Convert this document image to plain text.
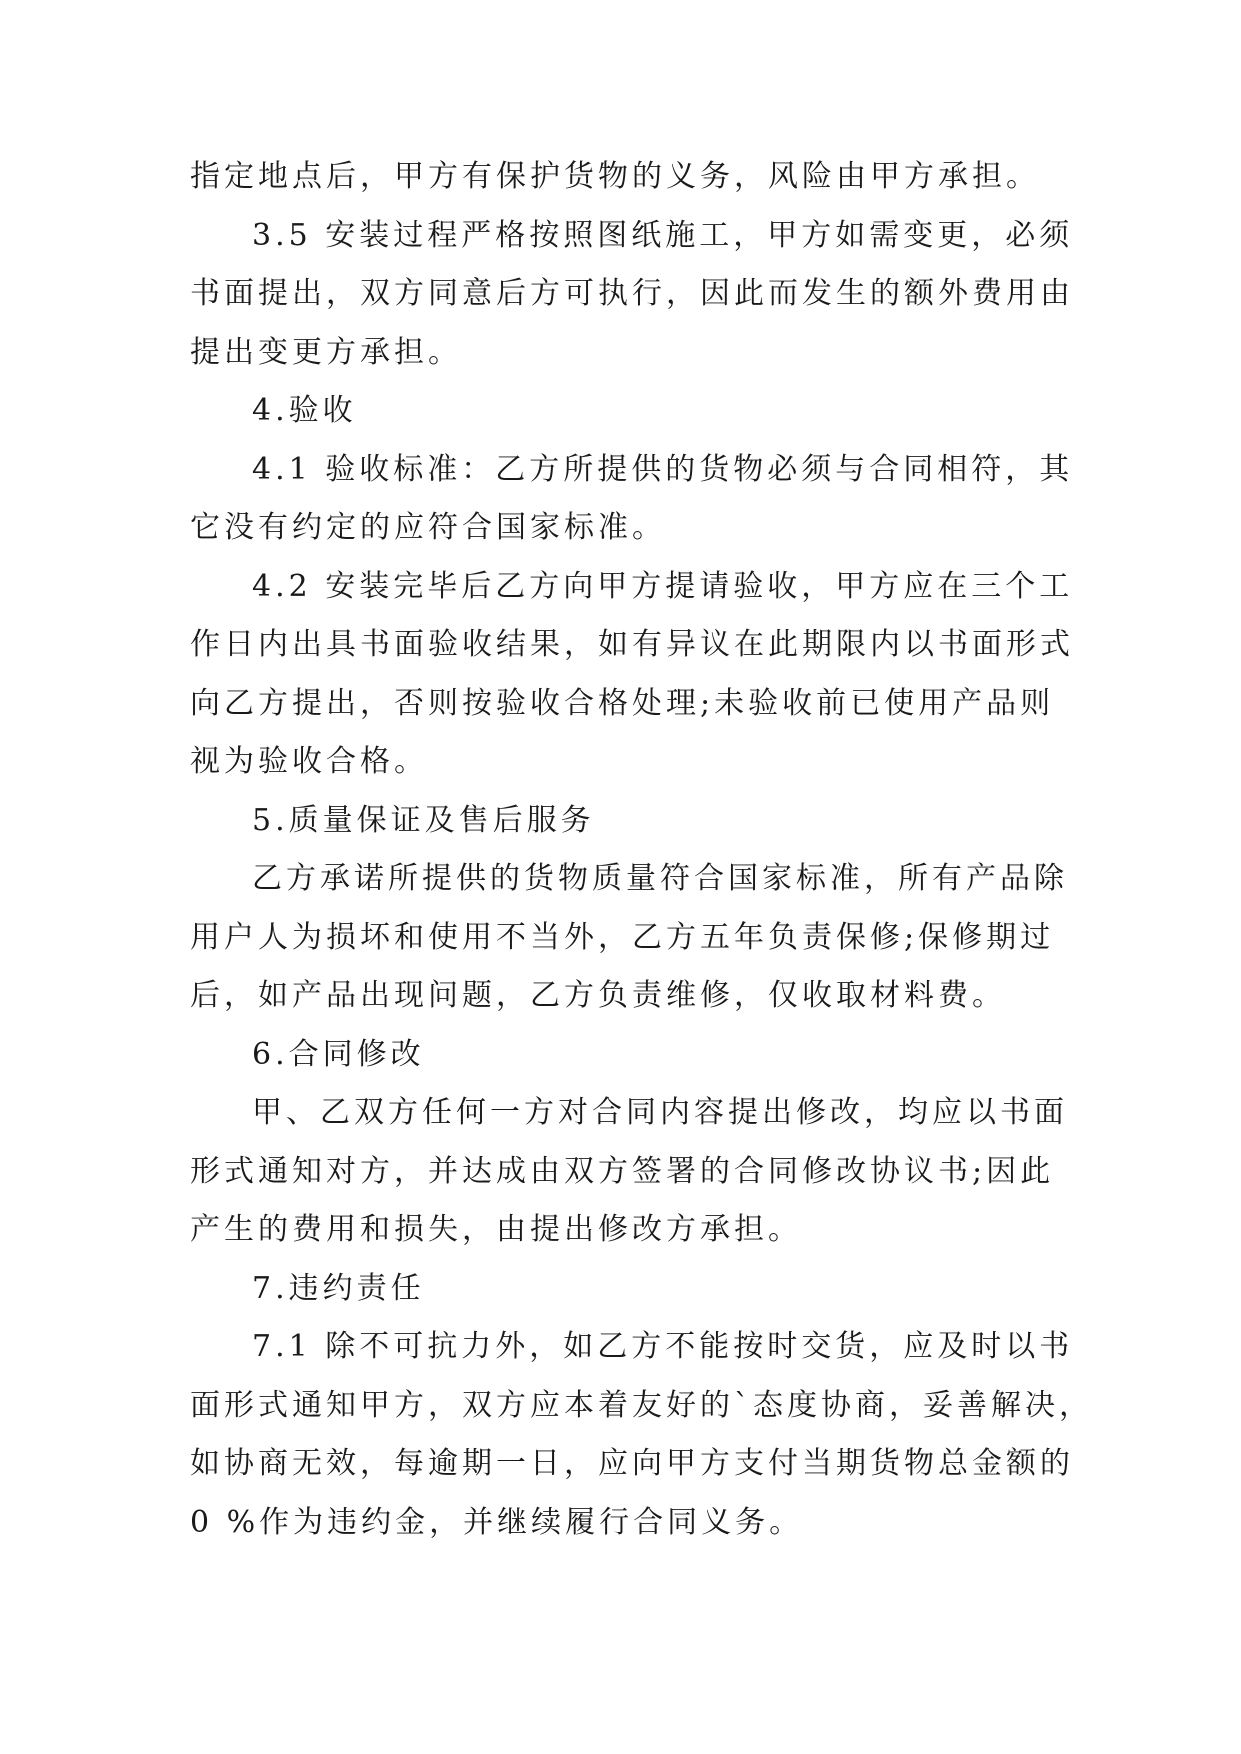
指定地点后，甲方有保护货物的义务，风险由甲方承担。
3.5 安装过程严格按照图纸施工，甲方如需变更，必须
书面提出，双方同意后方可执行，因此而发生的额外费用由
提出变更方承担。
4.验收
4.1 验收标准：乙方所提供的货物必须与合同相符，其
它没有约定的应符合国家标准。
4.2 安装完毕后乙方向甲方提请验收，甲方应在三个工
作日内出具书面验收结果，如有异议在此期限内以书面形式
向乙方提出，否则按验收合格处理;未验收前已使用产品则
视为验收合格。
5.质量保证及售后服务
乙方承诺所提供的货物质量符合国家标准，所有产品除
用户人为损坏和使用不当外，乙方五年负责保修;保修期过
后，如产品出现问题，乙方负责维修，仅收取材料费。
6.合同修改
甲、乙双方任何一方对合同内容提出修改，均应以书面
形式通知对方，并达成由双方签署的合同修改协议书;因此
产生的费用和损失，由提出修改方承担。
7.违约责任
7.1 除不可抗力外，如乙方不能按时交货，应及时以书
面形式通知甲方，双方应本着友好的`态度协商，妥善解决，
如协商无效，每逾期一日，应向甲方支付当期货物总金额的
0 %作为违约金，并继续履行合同义务。
